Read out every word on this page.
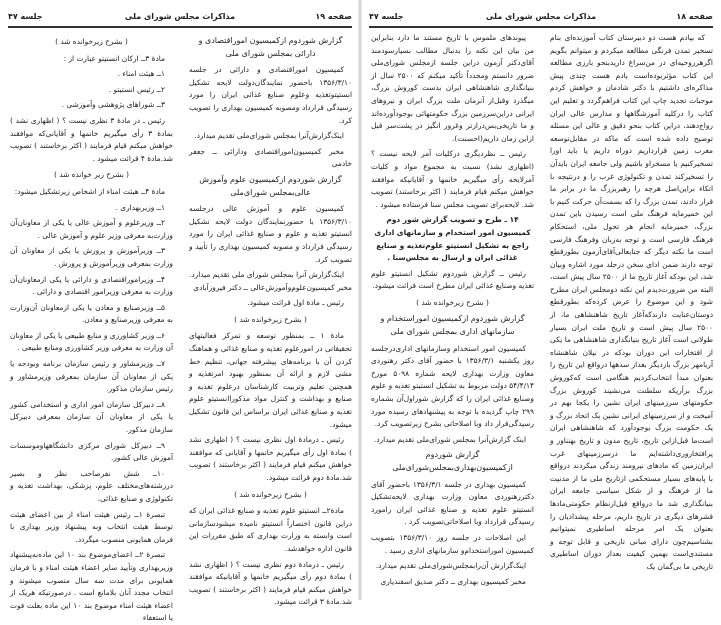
صفحه ۱۹
مذاکرات مجلس شورای ملی
جلسه ۴۷

گزارش شوردوم ازکمیسیون اموراقتصادی و دارائی بمجلس شورای ملی

کمیسیون اموراقتصادی و دارائی در جلسه ۱۳۵۶/۳/۱۰ باحضور نمایندگان‌دولت لایحه تشکیل انستیتوتغذیه وعلوم صنایع غذائی ایران را مورد رسیدگی قرارداد ومصوبه کمیسیون بهداری را تصویب کرد.

اینک‌گزارش‌آنرا بمجلس شورای‌ملی تقدیم میدارد.

مخبر کمیسیون‌اموراقتصادی ودارائی ــ جعفر خادمی

گزارش شوردوم ازکمیسیون علوم وآموزش عالی‌بمجلس شورای‌ملی

کمیسیون علوم و آموزش عالی درجلسه ۱۳۵۶/۳/۱۰ با حضورنمایندگان دولت لایحه تشکیل انستیتو تغذیه و علوم و صنایع غذائی ایران را مورد رسیدگی قرارداد و مصوبه کمیسیون بهداری را تأیید و تصویب کرد.

اینک‌گزارش آنرا بمجلس شورای ملی تقدیم میدارد. مخبر کمیسیون‌علوم‌وآموزش‌عالی ــ دکتر فیروزآبادی

رئیس ـ مادهٔ اول قرائت میشود.

( بشرح زیرخوانده شد )

مادهٔ ۱ ــ بمنظور توسعه و تمرکز فعالیتهای تحقیقاتی در امورعلوم تغذیه و صنایع غذائی و هماهنگ کردن آن با برنامه‌های پیشرفته جهانی، تنظیم خط مشی لازم و ارائه آن بمنظور بهبود امرتغذیه و همچنین تعلیم وتربیت کارشناسان درعلوم تغذیه و صنایع و بهداشت و کنترل مواد مذکوراانستیتو علوم تغذیه و صنایع غذائی ایران براساس این قانون تشکیل میشود.

رئیس ـ درمادهٔ اول نظری نیست ؟ ( اظهاری نشد ) بمادهٔ اول رأی میگیریم خانمها و آقایانی که موافقند خواهش میکنم قیام فرمایند ( اکثر برخاستند ) تصویب شد.مادهٔ دوم قرائت میشود.

( بشرح زیرخوانده شد )

مادهٔ۲ــ انستیتو علوم تغذیه و صنایع غذائی ایران که دراین قانون اختصاراً انستیتو نامیده میشودسازمانی است وابسته به وزارت بهداری که طبق مقررات این قانون اداره خواهدشد.

رئیس ـ درمادهٔ دوم نظری نیست ؟ ( اظهاری نشد ) بمادهٔ دوم رأی میگیریم خانمها و آقایانیکه موافقند خواهش میکنم قیام فرمایند ( اکثر برخاستند ) تصویب شد.مادهٔ ۳ قرائت میشود.

( بشرح زیرخوانده شد )

مادهٔ ۳ــ ارکان انستیتو عبارت از :

۱ــ هیئت امناء .

۲ــ رئیس انستیتو .

۳ــ شوراهای پژوهشی وآموزشی .

رئیس ـ در مادهٔ ۳ نظری نیست ؟ ( اظهاری نشد ) بمادهٔ ۳ رأی میگیریم خانمها و آقایانی‌که موافقند خواهش میکنم قیام فرمایند ( اکثر برخاستند ) تصویب شد.مادهٔ ۴ قرائت میشود .

( بشرح زیر خوانده شد )

مادهٔ ۴ــ هیئت امناء از اشخاص زیرتشکیل میشود:

۱ــ وزیربهداری .

۲ــ وزیرعلوم و آموزش عالی یا یکی از معاونان‌آن وزارت‌به معرفی وزیر علوم و آموزش عالی .

۳ــ وزیرآموزش و پرورش یا یکی از معاونان آن وزارت بمعرفی وزیرآموزش و پرورش .

۴ــ وزیراموراقتصادی و دارائی یا یکی ازمعاونان‌آن وزارت به معرفی وزیرامور اقتصادی و دارائی .

۵ــ وزیرصنایع و معادن یا یکی ازمعاونان آن‌وزارت به معرفی وزیرصنایع و معادن.

۶ــ وزیر کشاورزی و منابع طبیعی یا یکی از معاونان آن وزارت به معرفی وزیر کشاورزی ومنابع طبیعی .

۷ــ وزیرمشاور و رئیس سازمان برنامه وبودجه یا یکی از معاونان آن سازمان بمعرفی وزیرمشاور و رئیس سازمان مذکور.

۸ــ دبیرکل سازمان امور اداری و استخدامی کشور یا یکی از معاونان آن سازمان بمعرفی دبیرکل سازمان مذکور.

۹ــ دبیرکل شورای مرکزی دانشگاهها‌وموسسات آموزش عالی کشور.

۱۰ــ شش نفرصاحب نظر و بصیر دررشته‌های‌مختلف علوم، پزشکی، بهداشت تغذیه و تکنولوژی و صنایع غذائی.

تبصرهٔ ۱ــ رئیس هیئت امناء از بین اعضای هیئت توسط هیئت انتخاب وبه پیشنهاد وزیر بهداری با فرمان همایونی منصوب میگردد.

تبصرهٔ ۲ــ اعضای‌موضوع بند ۱۰ این ماده‌به‌پیشنهاد وزیربهداری وتأیید سایر اعضاء هیئت امناء و با فرمان همایونی برای مدت سه سال منصوب میشوند و انتخاب مجدد آنان بلامانع است . درصورتیکه هریک از اعضاء هیئت امناء موضوع بند ۱۰ این ماده بعلت فوت یا استعفاء

صفحه ۱۸
مذاکرات مجلس شورای ملی
جلسه ۴۷

که بیادم هست دو دبیرستان کتاب آموزنده‌ای بنام تسخیر تمدن فرنگی مطالعه میکردم و میتوانم بگویم اگرهرروحیه‌ای در من‌سراغ دارید‌بنحو بارزی مطالعه این کتاب مؤثربوده‌است یادم هست چندی پیش مذاکره‌ای داشتیم با دکتر شادمان و خواهش کردم موجبات تجدید چاپ این کتاب فراهم‌گردد و تعلیم این کتاب را درکلیه آموزشگاهها و مدارس عالی ایران رواج‌دهند، دراین کتاب بنحو دقیق و عالی این مسئله توضیح داده شده است که ماکه در مقابل‌توسعه مغرب زمین قرارداریم دوراه داریم یا باید اورا تسخیرکنیم یا مسخراو باشیم ولی جامعه ایران بایدآن را تسخیرکند تمدن و تکنولوژی غرب را و درنتیجه با اتکاء براین‌اصل هرچه را رهبربزرگ ما در برابر ما قرار دادند، تمدن بزرگ را که بسمت‌آن حرکت کنیم با این خمیرمایه فرهنگ ملی است رسیدن باین تمدن بزرگ، خمیرمایه انجام هر تحول ملی، استحکام فرهنگ فارسی است و توجه به‌زبان وفرهنگ فارسی است ما نکته دیگر که جنابعالی‌آقای‌آزمون بطورقطع توجه دارند ضمن ادای سخن درجلد مورد اشاره وبیان شد، این بودکه آغاز تاریخ ما از ۲۵۰۰ سال پیش است، البته من ضرورت‌دیدم این نکته دومجلس ایران مطرح شود و این موضوع را عرض کرده‌که بطورقطع دوستان‌عنایت دارند‌که‌آغاز تاریخ شاهنشاهی ما، از ۲۵۰۰ سال پیش است و تاریخ ملت ایران بسیار طولانی است آغاز تاریخ بنیانگذاری شاهنشاهی ما یکی از افتخارات این دوران بودکه در نیلان شاهنشاه آریامهر بزرگ باردیگر بعداز سدهها درواقع این تاریخ را بعنوان مبدأ انتخاب‌کردیم هنگامی است که‌کوروش بزرگ برأریکه سلطنت می‌نشیند کوروش بزرگ حکومتهای سرزمینهای ایران نشین را یکجا بهم در آمیخت و از سرزمینهای ایرانی نشین یک اتحاد بزرگ و یک حکومت بزرگ بوجودآورد که شاهنشاهی ایران است‌ما قبل‌ازاین تاریخ، تاریخ مدون و تاریخ بهنناور و پرافتخاروری‌داشته‌ایم ما درسرزمینهای غرب ایران‌زمین که مادهای نیرومند زندگی میکردند درواقع با پایه‌های بسیار مستحکمی ازتاریخ ملی ما از مدنیت ما از فرهنگ و از شکل سیاسی جامعه ایران بنیانگذاری شد ما درواقع قبل‌ازنظام حکومتی‌مادها قشرهای دیگری در تاریخ داریم، مرحله پیشدادیان را بعنوان یک امر مرحله اساطیری نمیتوانیم بشناسیم‌چون دارای مبانی تاریخی و قابل توجه و مستندی‌است بهمین کیفیت بعداز دوران اساطیری تاریخی ما بی‌گمان یک

پیوندهای ملموس با تاریخ مستند ما دارد بنابراین من بیان این نکته را بدنبال مطالب بسیارسودمند آقای‌دکتر آزمون دراین جلسه ازمجلس شورای‌ملی ضرور دانستم ومجدداً تأکید میکنم که ۲۵۰۰ سال از بنیانگذاری شاهنشاهی ایران بدست کوروش بزرگ، میگذرد وقبل‌از آنزمان ملت بزرگ ایران و نیروهای ایرانی دراین‌سرزمین بزرگ حکومتهائی بوجودآورده‌اند و ما تاریخی‌بس‌درازتر وغرور انگیز در پشت‌سر قبل ازاین زمان داریم(احسنت).

رئیس ــ نظردیگری درکلیات آمر لایحه نیست ؟ (اظهاری نشد) نسبت به مجموع مواد و کلیات آمرلایحه رأی میگیریم خانمها و آقایانیکه موافقند خواهش میکنم قیام فرمایند ( اکثر برخاستند) تصویب شد. لایحه‌برای تصویب مجلس سنا فرستاده میشود .

۱۴ ـ طرح و تصویب گزارش شور دوم کمیسیون امور استخدام و سازمانهای اداری راجع به تشکیل انستیتو علوم‌تغذیه و صنایع غذائی ایران و ارسال به مجلس‌سنا .

رئیس ــ گزارش شوردوم تشکیل انستیتو علوم تغذیه وصنایع غذائی ایران مطرح است قرائت میشود.

( بشرح زیرخوانده شد )

گزارش شوردوم ازکمیسیون اموراستخدام و سازمانهای اداری بمجلس شورای ملی

کمیسیون امور استخدام وسازمانهای اداری‌درجلسه روز یکشنبه ۱۳۵۶/۳/۱ با حضور آقای دکتر رهنوردی معاون وزارت بهداری لایحه شماره ۵۰۹۸ مورخ ۵۴/۴/۱۴ دولت مربوط به تشکیل انستیتو تغذیه و علوم وصنایع غذائی ایران را که گزارش شوراول‌آن بشماره ۲۹۹ چاپ گردیده با توجه به پیشنهادهای رسیده مورد رسیدگی‌قرار داد وبا اصلاحاتی بشرح زیرتصویب کرد.

اینک گزارش‌آنرا بمجلس شورای‌ملی تقدیم میدارد.

گزارش شوردوم ازکمیسیون‌بهداری‌بمجلس‌شورای‌ملی

کمیسیون بهداری در جلسه ۱۳۵۶/۳/۱ باحضور آقای دکتررهنوردی معاون وزارت بهداری لایحه‌تشکیل انستیتو علوم تغذیه و صنایع غذائی ایران رامورد رسیدگی قرارداد وبا اصلاحاتی‌تصویب کرد .

این اصلاحات در جلسه روز ۱۳۵۶/۳/۱۰ بتصویب کمیسیون اموراستخدام‌و سازمانهای اداری رسید .

اینک‌گزارش آن‌رابمجلس‌شورای‌ملی تقدیم میدارد.

مخبر کمیسیون بهداری ــ دکتر صدیق اسفندیاری
